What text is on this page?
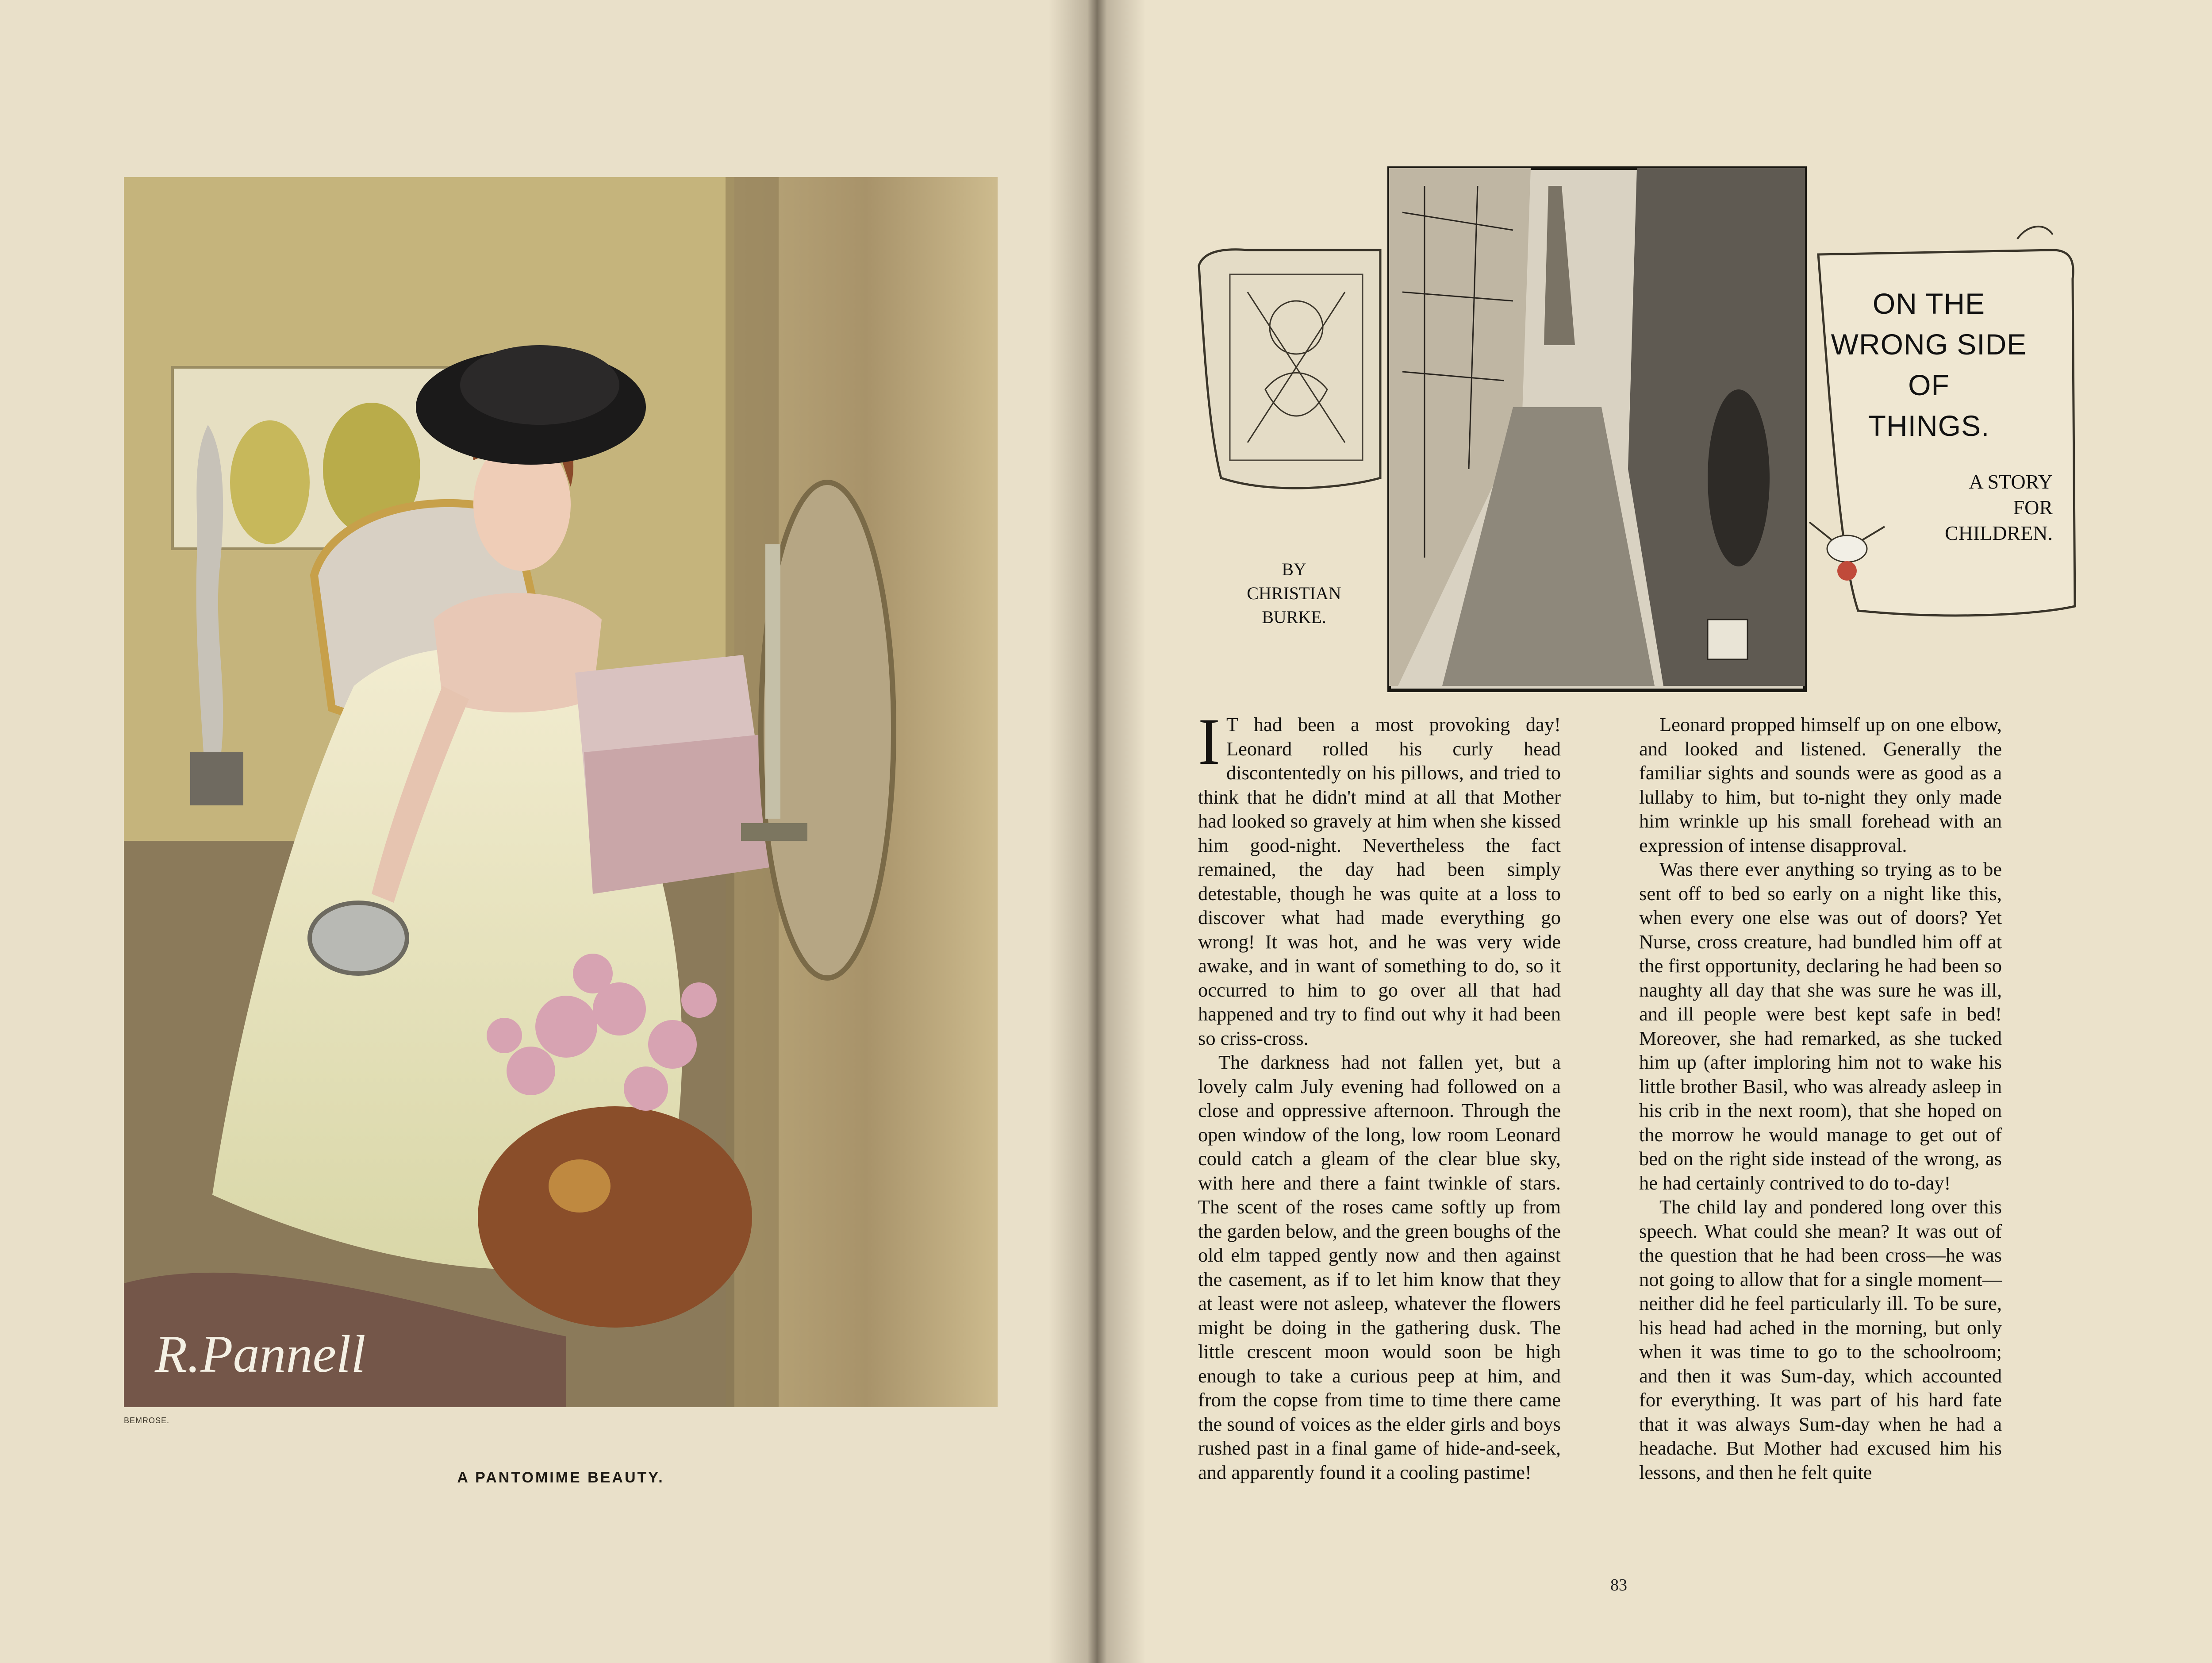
R.Pannell
BEMROSE.
A PANTOMIME BEAUTY.
ON THE
WRONG SIDE
OF
THINGS.
A STORY
FOR
CHILDREN.
BY
CHRISTIAN
BURKE.

I T had been a most provoking day! Leonard rolled his curly head discontentedly on his pillows, and tried to think that he didn't mind at all that Mother had looked so gravely at him when she kissed him good-night. Nevertheless the fact remained, the day had been simply detestable, though he was quite at a loss to discover what had made everything go wrong! It was hot, and he was very wide awake, and in want of something to do, so it occurred to him to go over all that had happened and try to find out why it had been so criss-cross.

The darkness had not fallen yet, but a lovely calm July evening had followed on a close and oppressive afternoon. Through the open window of the long, low room Leonard could catch a gleam of the clear blue sky, with here and there a faint twinkle of stars. The scent of the roses came softly up from the garden below, and the green boughs of the old elm tapped gently now and then against the casement, as if to let him know that they at least were not asleep, whatever the flowers might be doing in the gathering dusk. The little crescent moon would soon be high enough to take a curious peep at him, and from the copse from time to time there came the sound of voices as the elder girls and boys rushed past in a final game of hide-and-seek, and apparently found it a cooling pastime!

Leonard propped himself up on one elbow, and looked and listened. Generally the familiar sights and sounds were as good as a lullaby to him, but to-night they only made him wrinkle up his small forehead with an expression of intense disapproval.

Was there ever anything so trying as to be sent off to bed so early on a night like this, when every one else was out of doors? Yet Nurse, cross creature, had bundled him off at the first opportunity, declaring he had been so naughty all day that she was sure he was ill, and ill people were best kept safe in bed! Moreover, she had remarked, as she tucked him up (after imploring him not to wake his little brother Basil, who was already asleep in his crib in the next room), that she hoped on the morrow he would manage to get out of bed on the right side instead of the wrong, as he had certainly contrived to do to-day!

The child lay and pondered long over this speech. What could she mean? It was out of the question that he had been cross—he was not going to allow that for a single moment—neither did he feel particularly ill. To be sure, his head had ached in the morning, but only when it was time to go to the schoolroom; and then it was Sum-day, which accounted for everything. It was part of his hard fate that it was always Sum-day when he had a headache. But Mother had excused him his lessons, and then he felt quite

83
